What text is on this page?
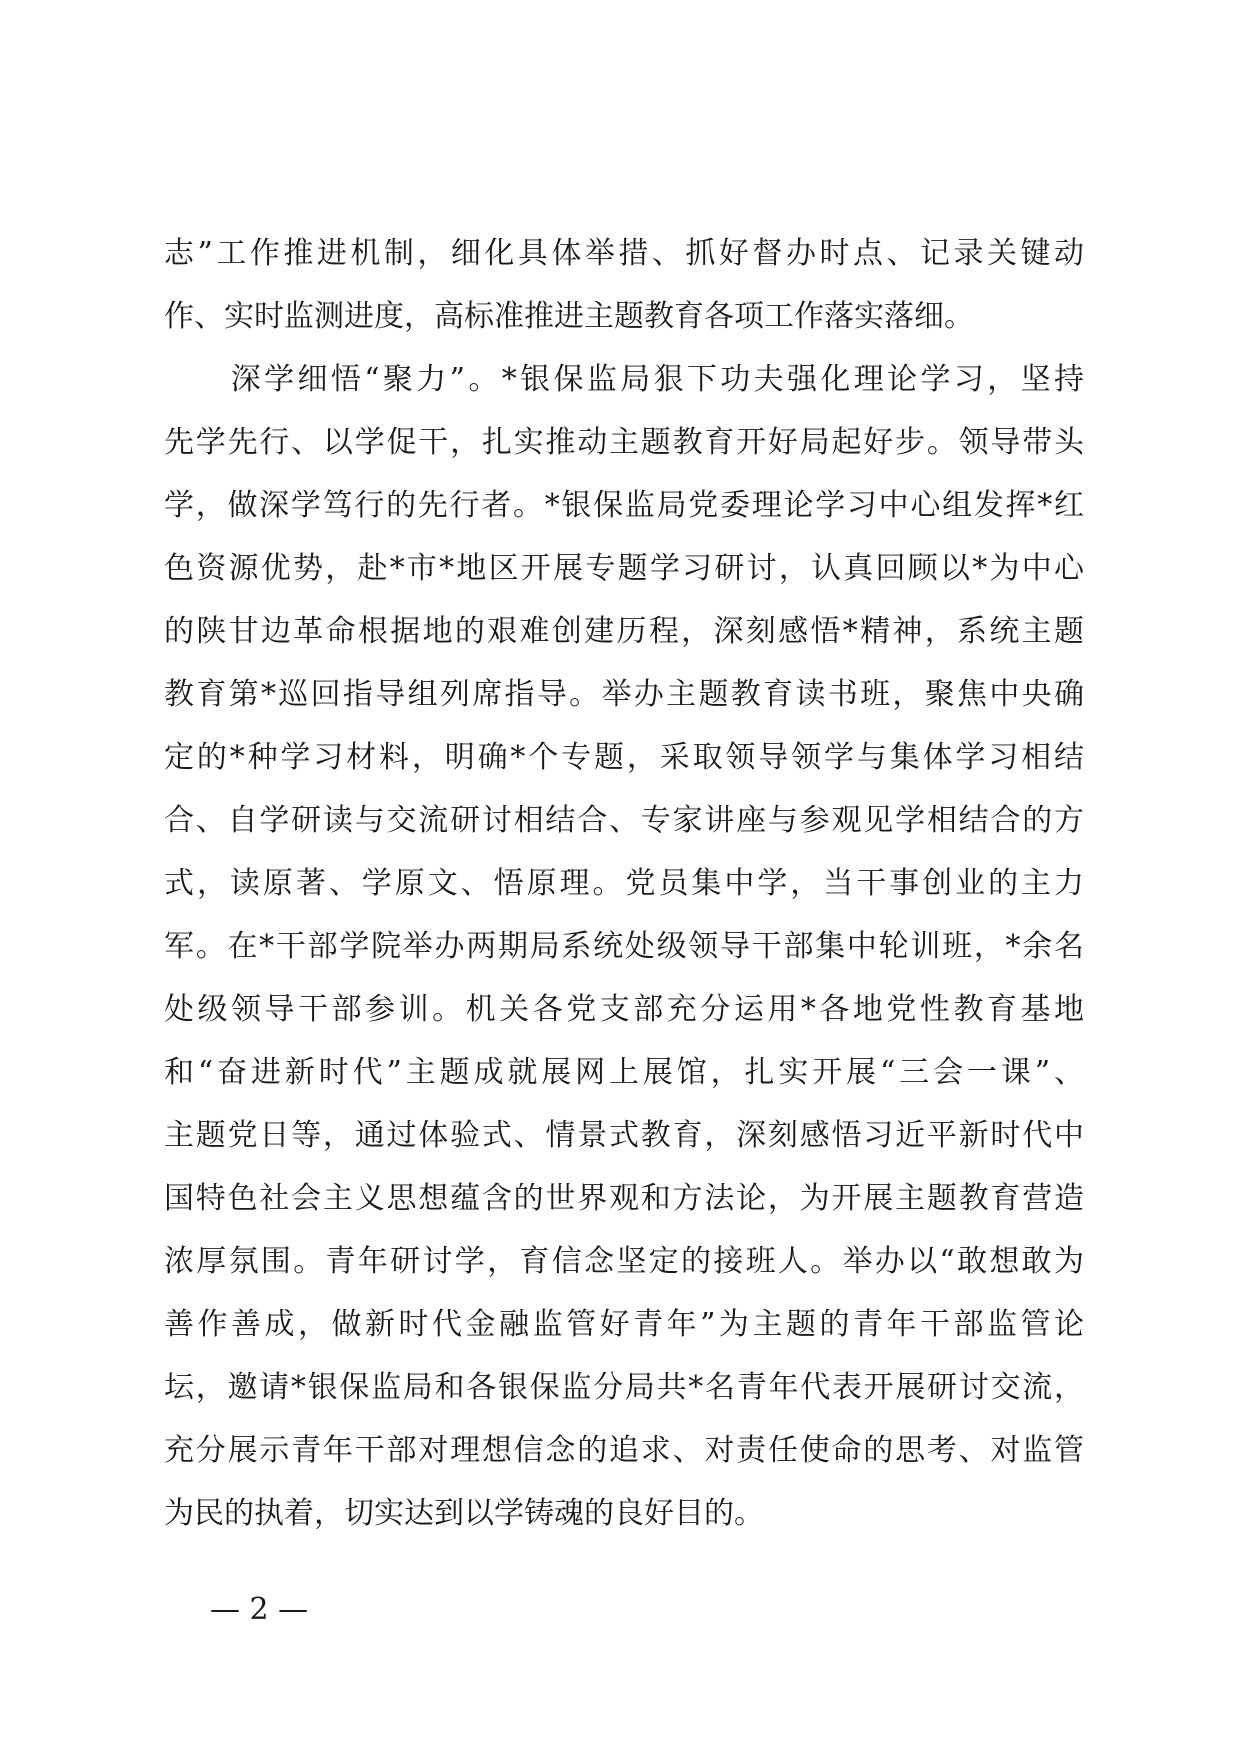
志”工作推进机制，细化具体举措、抓好督办时点、记录关键动
作、实时监测进度，高标准推进主题教育各项工作落实落细。
　　深学细悟“聚力”。*银保监局狠下功夫强化理论学习，坚持
先学先行、以学促干，扎实推动主题教育开好局起好步。领导带头
学，做深学笃行的先行者。*银保监局党委理论学习中心组发挥*红
色资源优势，赴*市*地区开展专题学习研讨，认真回顾以*为中心
的陕甘边革命根据地的艰难创建历程，深刻感悟*精神，系统主题
教育第*巡回指导组列席指导。举办主题教育读书班，聚焦中央确
定的*种学习材料，明确*个专题，采取领导领学与集体学习相结
合、自学研读与交流研讨相结合、专家讲座与参观见学相结合的方
式，读原著、学原文、悟原理。党员集中学，当干事创业的主力
军。在*干部学院举办两期局系统处级领导干部集中轮训班，*余名
处级领导干部参训。机关各党支部充分运用*各地党性教育基地
和“奋进新时代”主题成就展网上展馆，扎实开展“三会一课”、
主题党日等，通过体验式、情景式教育，深刻感悟习近平新时代中
国特色社会主义思想蕴含的世界观和方法论，为开展主题教育营造
浓厚氛围。青年研讨学，育信念坚定的接班人。举办以“敢想敢为
善作善成，做新时代金融监管好青年”为主题的青年干部监管论
坛，邀请*银保监局和各银保监分局共*名青年代表开展研讨交流，
充分展示青年干部对理想信念的追求、对责任使命的思考、对监管
为民的执着，切实达到以学铸魂的良好目的。
— 2 —
